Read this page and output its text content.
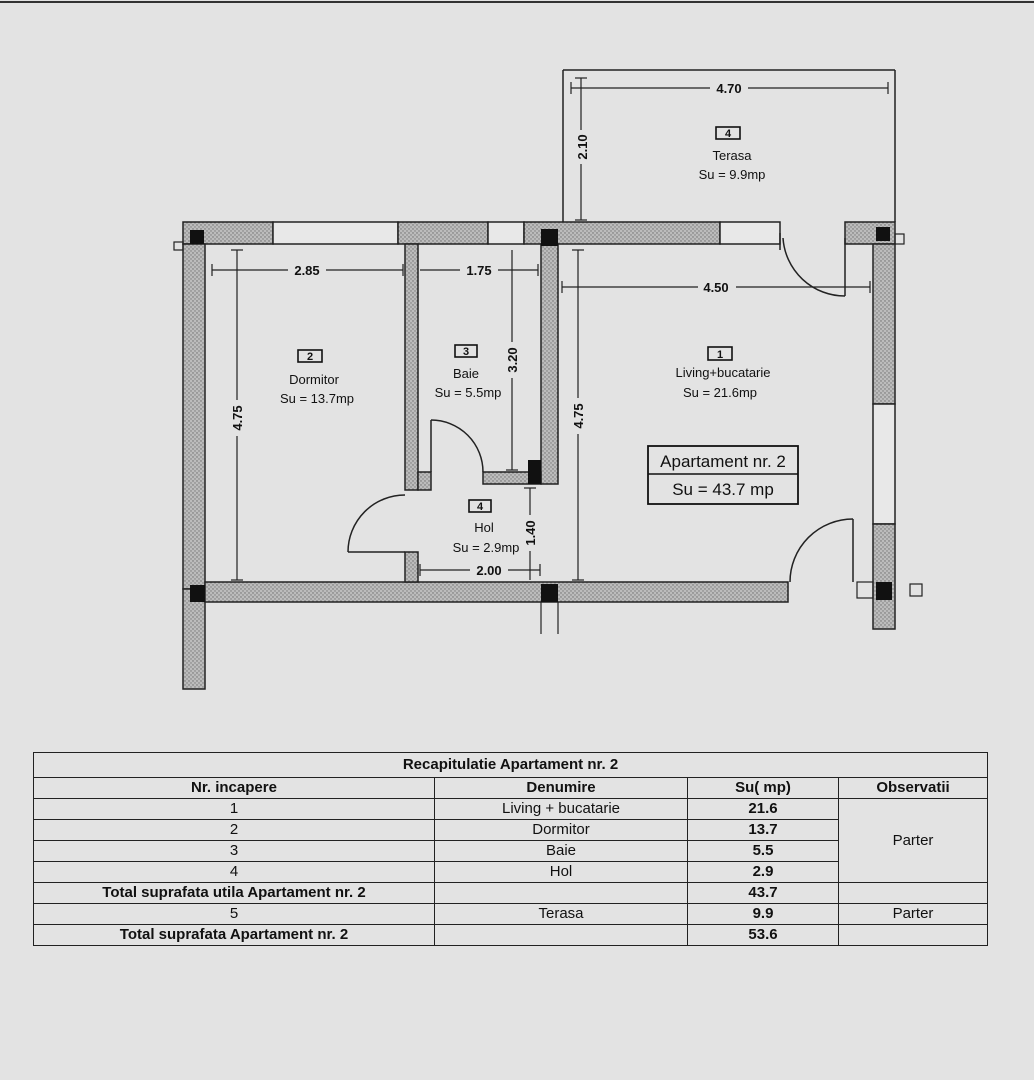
4.70
2.10
2.85	1.75
4.50
4.75	4.75
3.20
2.00
1.40
4
Terasa
Su = 9.9mp
2
Dormitor
Su = 13.7mp
3
Baie
Su = 5.5mp
1
Living+bucatarie
Su = 21.6mp
4
Hol
Su = 2.9mp
Apartament nr. 2
Su = 43.7 mp
Recapitulatie Apartament nr. 2			
Nr. incapere	Denumire	Su( mp)	Observatii
1	Living + bucatarie	21.6	Parter
2	Dormitor	13.7	
3	Baie	5.5	
4	Hol	2.9	
Total suprafata utila Apartament nr. 2		43.7	
5	Terasa	9.9	Parter
Total suprafata Apartament nr. 2		53.6	
